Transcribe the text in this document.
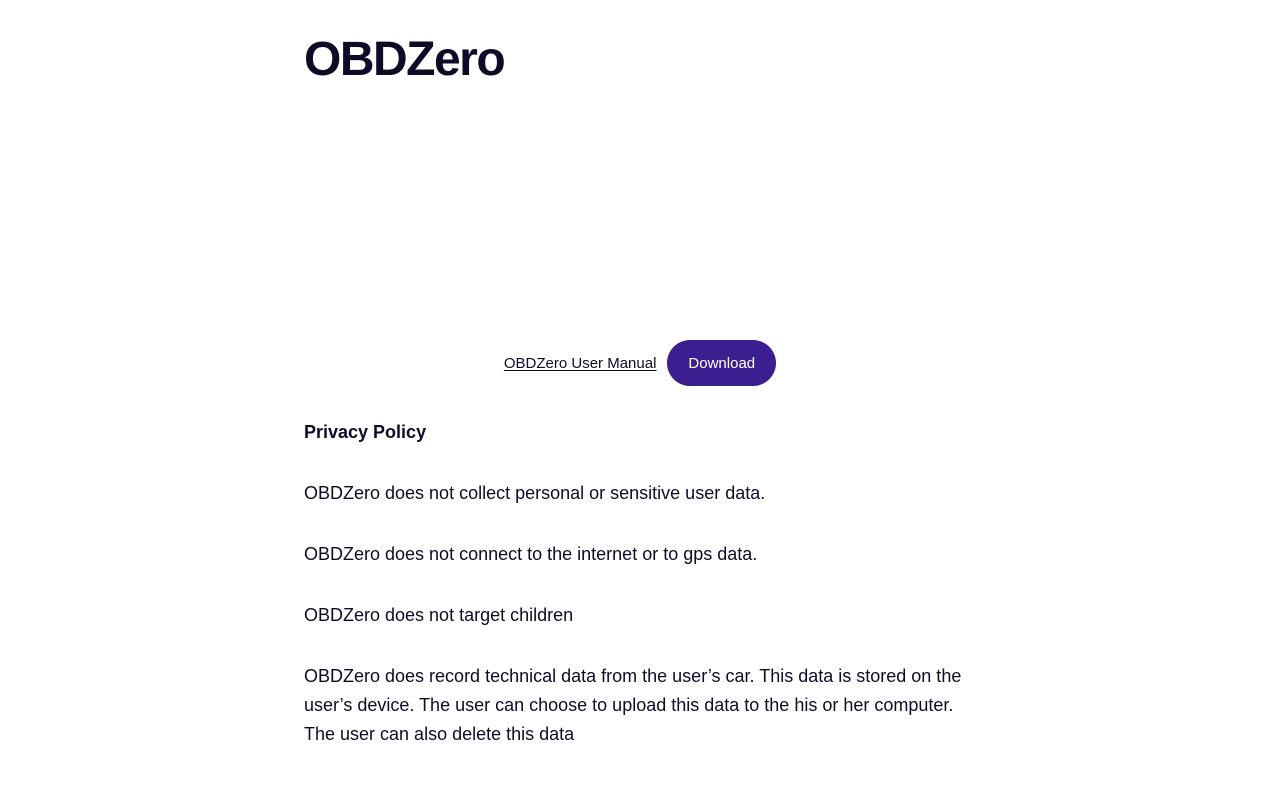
OBDZero
OBDZero User Manual	Download
Privacy Policy

OBDZero does not collect personal or sensitive user data.

OBDZero does not connect to the internet or to gps data.

OBDZero does not target children

OBDZero does record technical data from the user’s car. This data is stored on the user’s device. The user can choose to upload this data to the his or her computer. The user can also delete this data
